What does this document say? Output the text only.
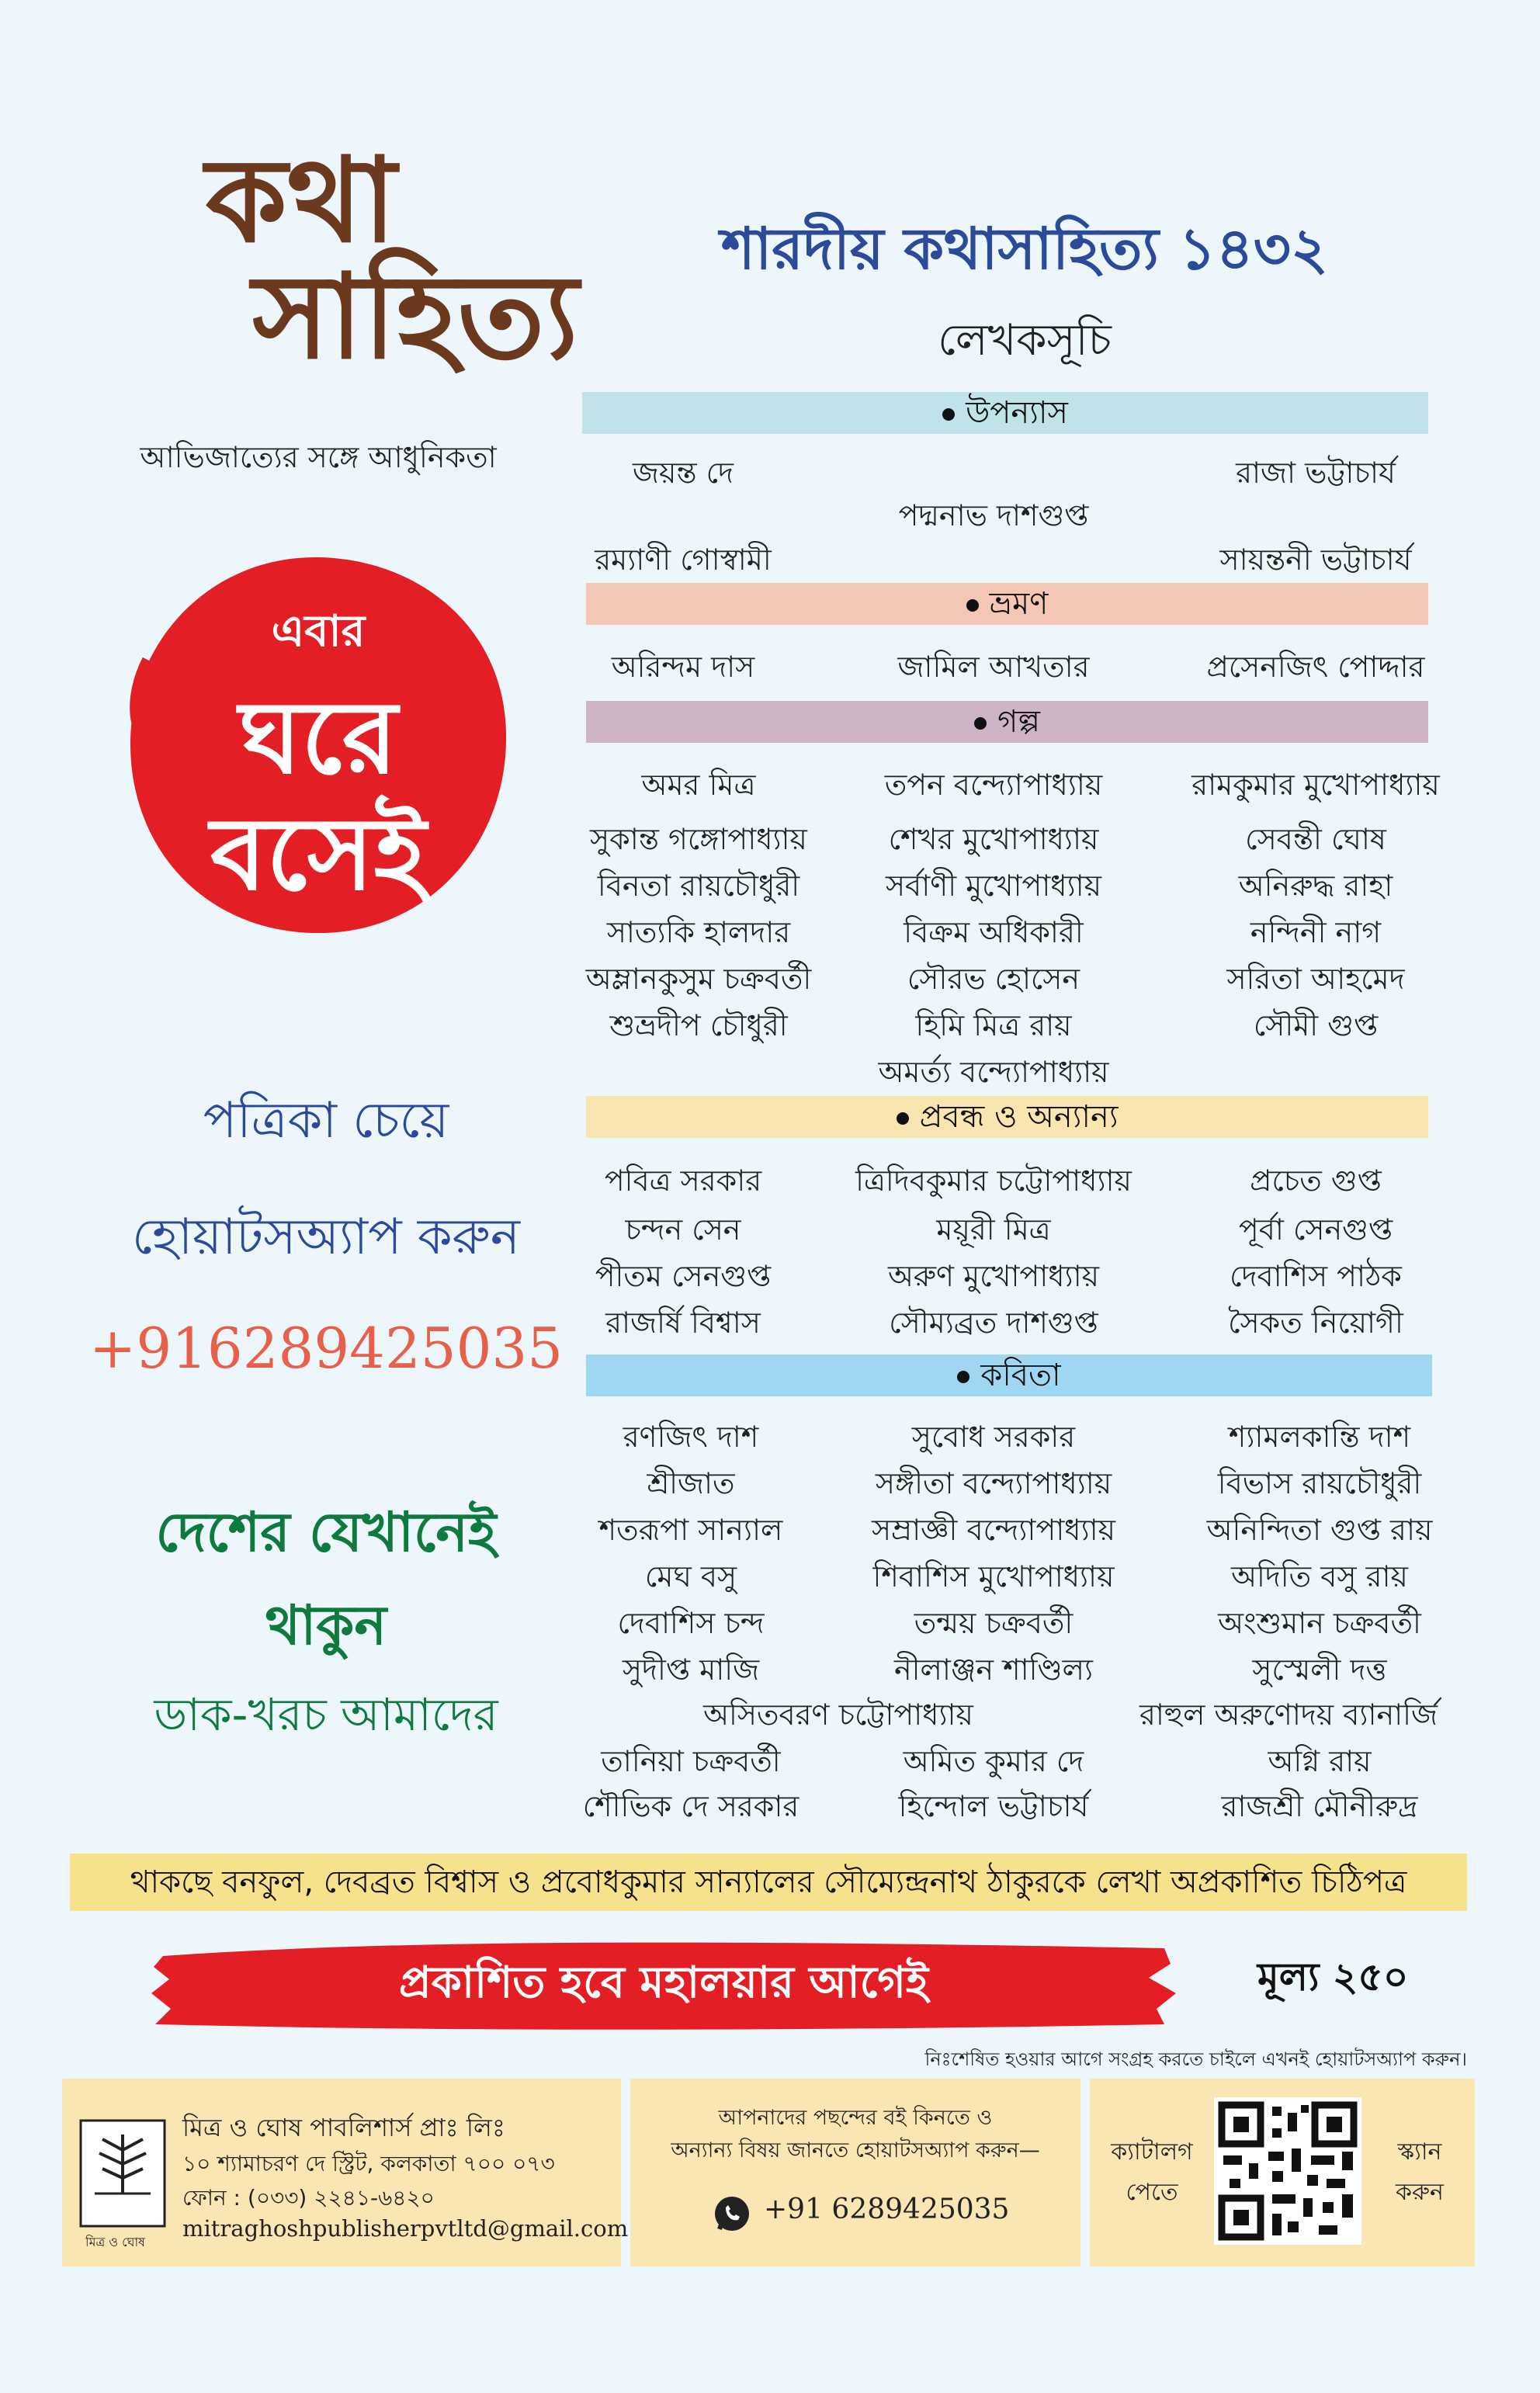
কথা
সাহিত্য
আভিজাত্যের সঙ্গে আধুনিকতা
এবার
ঘরে
বসেই
পত্রিকা চেয়ে
হোয়াটসঅ্যাপ করুন
+916289425035
দেশের যেখানেই
থাকুন
ডাক-খরচ আমাদের
শারদীয় কথাসাহিত্য ১৪৩২
লেখকসূচি
উপন্যাস
ভ্রমণ
গল্প
প্রবন্ধ ও অন্যান্য
কবিতা
জয়ন্ত দে	রাজা ভট্টাচার্য
পদ্মনাভ দাশগুপ্ত
রম্যাণী গোস্বামী	সায়ন্তনী ভট্টাচার্য
অরিন্দম দাস	জামিল আখতার	প্রসেনজিৎ পোদ্দার
অমর মিত্র	তপন বন্দ্যোপাধ্যায়	রামকুমার মুখোপাধ্যায়
সুকান্ত গঙ্গোপাধ্যায়	শেখর মুখোপাধ্যায়	সেবন্তী ঘোষ
বিনতা রায়চৌধুরী	সর্বাণী মুখোপাধ্যায়	অনিরুদ্ধ রাহা
সাত্যকি হালদার	বিক্রম অধিকারী	নন্দিনী নাগ
অম্লানকুসুম চক্রবর্তী	সৌরভ হোসেন	সরিতা আহমেদ
শুভ্রদীপ চৌধুরী	হিমি মিত্র রায়	সৌমী গুপ্ত
অমর্ত্য বন্দ্যোপাধ্যায়
পবিত্র সরকার	ত্রিদিবকুমার চট্টোপাধ্যায়	প্রচেত গুপ্ত
চন্দন সেন	ময়ূরী মিত্র	পূর্বা সেনগুপ্ত
পীতম সেনগুপ্ত	অরুণ মুখোপাধ্যায়	দেবাশিস পাঠক
রাজর্ষি বিশ্বাস	সৌম্যব্রত দাশগুপ্ত	সৈকত নিয়োগী
রণজিৎ দাশ	সুবোধ সরকার	শ্যামলকান্তি দাশ
শ্রীজাত	সঙ্গীতা বন্দ্যোপাধ্যায়	বিভাস রায়চৌধুরী
শতরূপা সান্যাল	সম্রাজ্ঞী বন্দ্যোপাধ্যায়	অনিন্দিতা গুপ্ত রায়
মেঘ বসু	শিবাশিস মুখোপাধ্যায়	অদিতি বসু রায়
দেবাশিস চন্দ	তন্ময় চক্রবর্তী	অংশুমান চক্রবর্তী
সুদীপ্ত মাজি	নীলাঞ্জন শাণ্ডিল্য	সুস্মেলী দত্ত
অসিতবরণ চট্টোপাধ্যায়	রাহুল অরুণোদয় ব্যানার্জি
তানিয়া চক্রবর্তী	অমিত কুমার দে	অগ্নি রায়
শৌভিক দে সরকার	হিন্দোল ভট্টাচার্য	রাজশ্রী মৌনীরুদ্র
থাকছে বনফুল, দেবব্রত বিশ্বাস ও প্রবোধকুমার সান্যালের সৌম্যেন্দ্রনাথ ঠাকুরকে লেখা অপ্রকাশিত চিঠিপত্র
প্রকাশিত হবে মহালয়ার আগেই	মূল্য ২৫০
নিঃশেষিত হওয়ার আগে সংগ্রহ করতে চাইলে এখনই হোয়াটসঅ্যাপ করুন।
মিত্র ও ঘোষ
মিত্র ও ঘোষ পাবলিশার্স প্রাঃ লিঃ
১০ শ্যামাচরণ দে স্ট্রিট, কলকাতা ৭০০ ০৭৩
ফোন : (০৩৩) ২২৪১-৬৪২০
mitraghoshpublisherpvtltd@gmail.com
আপনাদের পছন্দের বই কিনতে ও
অন্যান্য বিষয় জানতে হোয়াটসঅ্যাপ করুন—
+91 6289425035
ক্যাটালগ
পেতে
স্ক্যান
করুন
